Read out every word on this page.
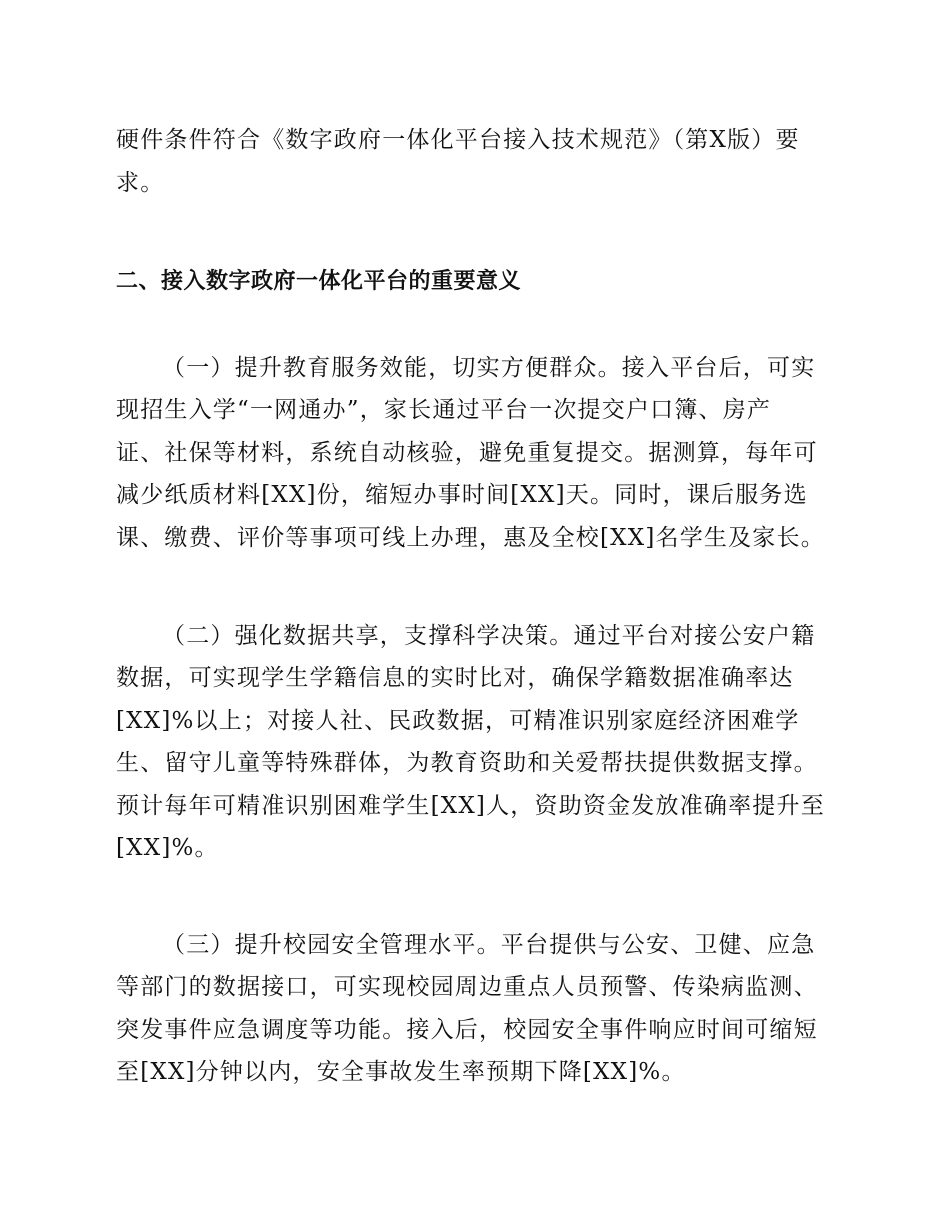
硬件条件符合《数字政府一体化平台接入技术规范》（第Ⅹ版）要
求。
二、接入数字政府一体化平台的重要意义
（一）提升教育服务效能，切实方便群众。接入平台后，可实
现招生入学“一网通办”，家长通过平台一次提交户口簿、房产
证、社保等材料，系统自动核验，避免重复提交。据测算，每年可
减少纸质材料[XX]份，缩短办事时间[XX]天。同时，课后服务选
课、缴费、评价等事项可线上办理，惠及全校[XX]名学生及家长。
（二）强化数据共享，支撑科学决策。通过平台对接公安户籍
数据，可实现学生学籍信息的实时比对，确保学籍数据准确率达
[XX]%以上；对接人社、民政数据，可精准识别家庭经济困难学
生、留守儿童等特殊群体，为教育资助和关爱帮扶提供数据支撑。
预计每年可精准识别困难学生[XX]人，资助资金发放准确率提升至
[XX]%。
（三）提升校园安全管理水平。平台提供与公安、卫健、应急
等部门的数据接口，可实现校园周边重点人员预警、传染病监测、
突发事件应急调度等功能。接入后，校园安全事件响应时间可缩短
至[XX]分钟以内，安全事故发生率预期下降[XX]%。
